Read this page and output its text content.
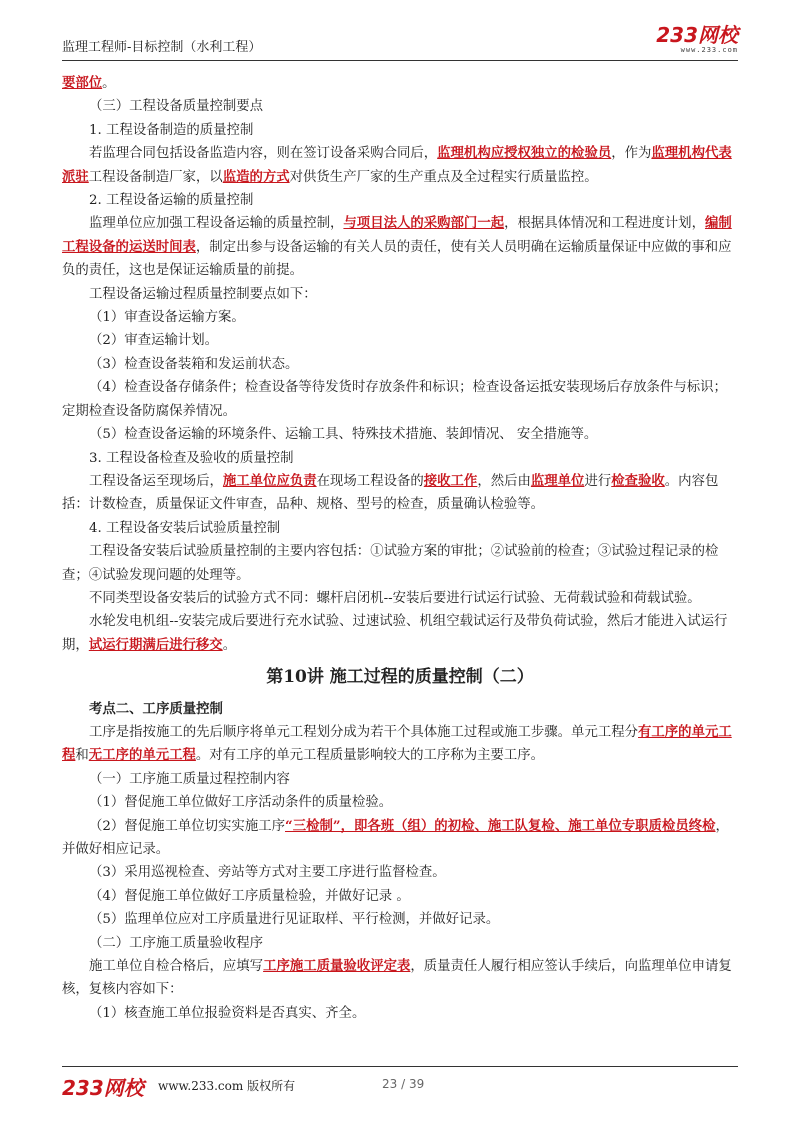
监理工程师-目标控制（水利工程）
233网校
www.233.com

要部位。

（三）工程设备质量控制要点

1. 工程设备制造的质量控制

若监理合同包括设备监造内容，则在签订设备采购合同后，监理机构应授权独立的检验员，作为监理机构代表派驻工程设备制造厂家，以监造的方式对供货生产厂家的生产重点及全过程实行质量监控。

2. 工程设备运输的质量控制

监理单位应加强工程设备运输的质量控制，与项目法人的采购部门一起，根据具体情况和工程进度计划，编制工程设备的运送时间表，制定出参与设备运输的有关人员的责任，使有关人员明确在运输质量保证中应做的事和应负的责任，这也是保证运输质量的前提。

工程设备运输过程质量控制要点如下：

（1）审查设备运输方案。

（2）审查运输计划。

（3）检查设备装箱和发运前状态。

（4）检查设备存储条件；检查设备等待发货时存放条件和标识；检查设备运抵安装现场后存放条件与标识；定期检查设备防腐保养情况。

（5）检查设备运输的环境条件、运输工具、特殊技术措施、装卸情况、 安全措施等。

3. 工程设备检查及验收的质量控制

工程设备运至现场后，施工单位应负责在现场工程设备的接收工作，然后由监理单位进行检查验收。内容包括：计数检查，质量保证文件审查，品种、规格、型号的检查，质量确认检验等。

4. 工程设备安装后试验质量控制

工程设备安装后试验质量控制的主要内容包括：①试验方案的审批；②试验前的检查；③试验过程记录的检查；④试验发现问题的处理等。

不同类型设备安装后的试验方式不同：螺杆启闭机--安装后要进行试运行试验、无荷载试验和荷载试验。

水轮发电机组--安装完成后要进行充水试验、过速试验、机组空载试运行及带负荷试验，然后才能进入试运行期，试运行期满后进行移交。

第10讲 施工过程的质量控制（二）

考点二、工序质量控制

工序是指按施工的先后顺序将单元工程划分成为若干个具体施工过程或施工步骤。单元工程分有工序的单元工程和无工序的单元工程。对有工序的单元工程质量影响较大的工序称为主要工序。

（一）工序施工质量过程控制内容

（1）督促施工单位做好工序活动条件的质量检验。

（2）督促施工单位切实实施工序“三检制”，即各班（组）的初检、施工队复检、施工单位专职质检员终检，并做好相应记录。

（3）采用巡视检查、旁站等方式对主要工序进行监督检查。

（4）督促施工单位做好工序质量检验，并做好记录 。

（5）监理单位应对工序质量进行见证取样、平行检测，并做好记录。

（二）工序施工质量验收程序

施工单位自检合格后，应填写工序施工质量验收评定表，质量责任人履行相应签认手续后，向监理单位申请复核，复核内容如下：

（1）核查施工单位报验资料是否真实、齐全。

233网校 www.233.com 版权所有	23 / 39
